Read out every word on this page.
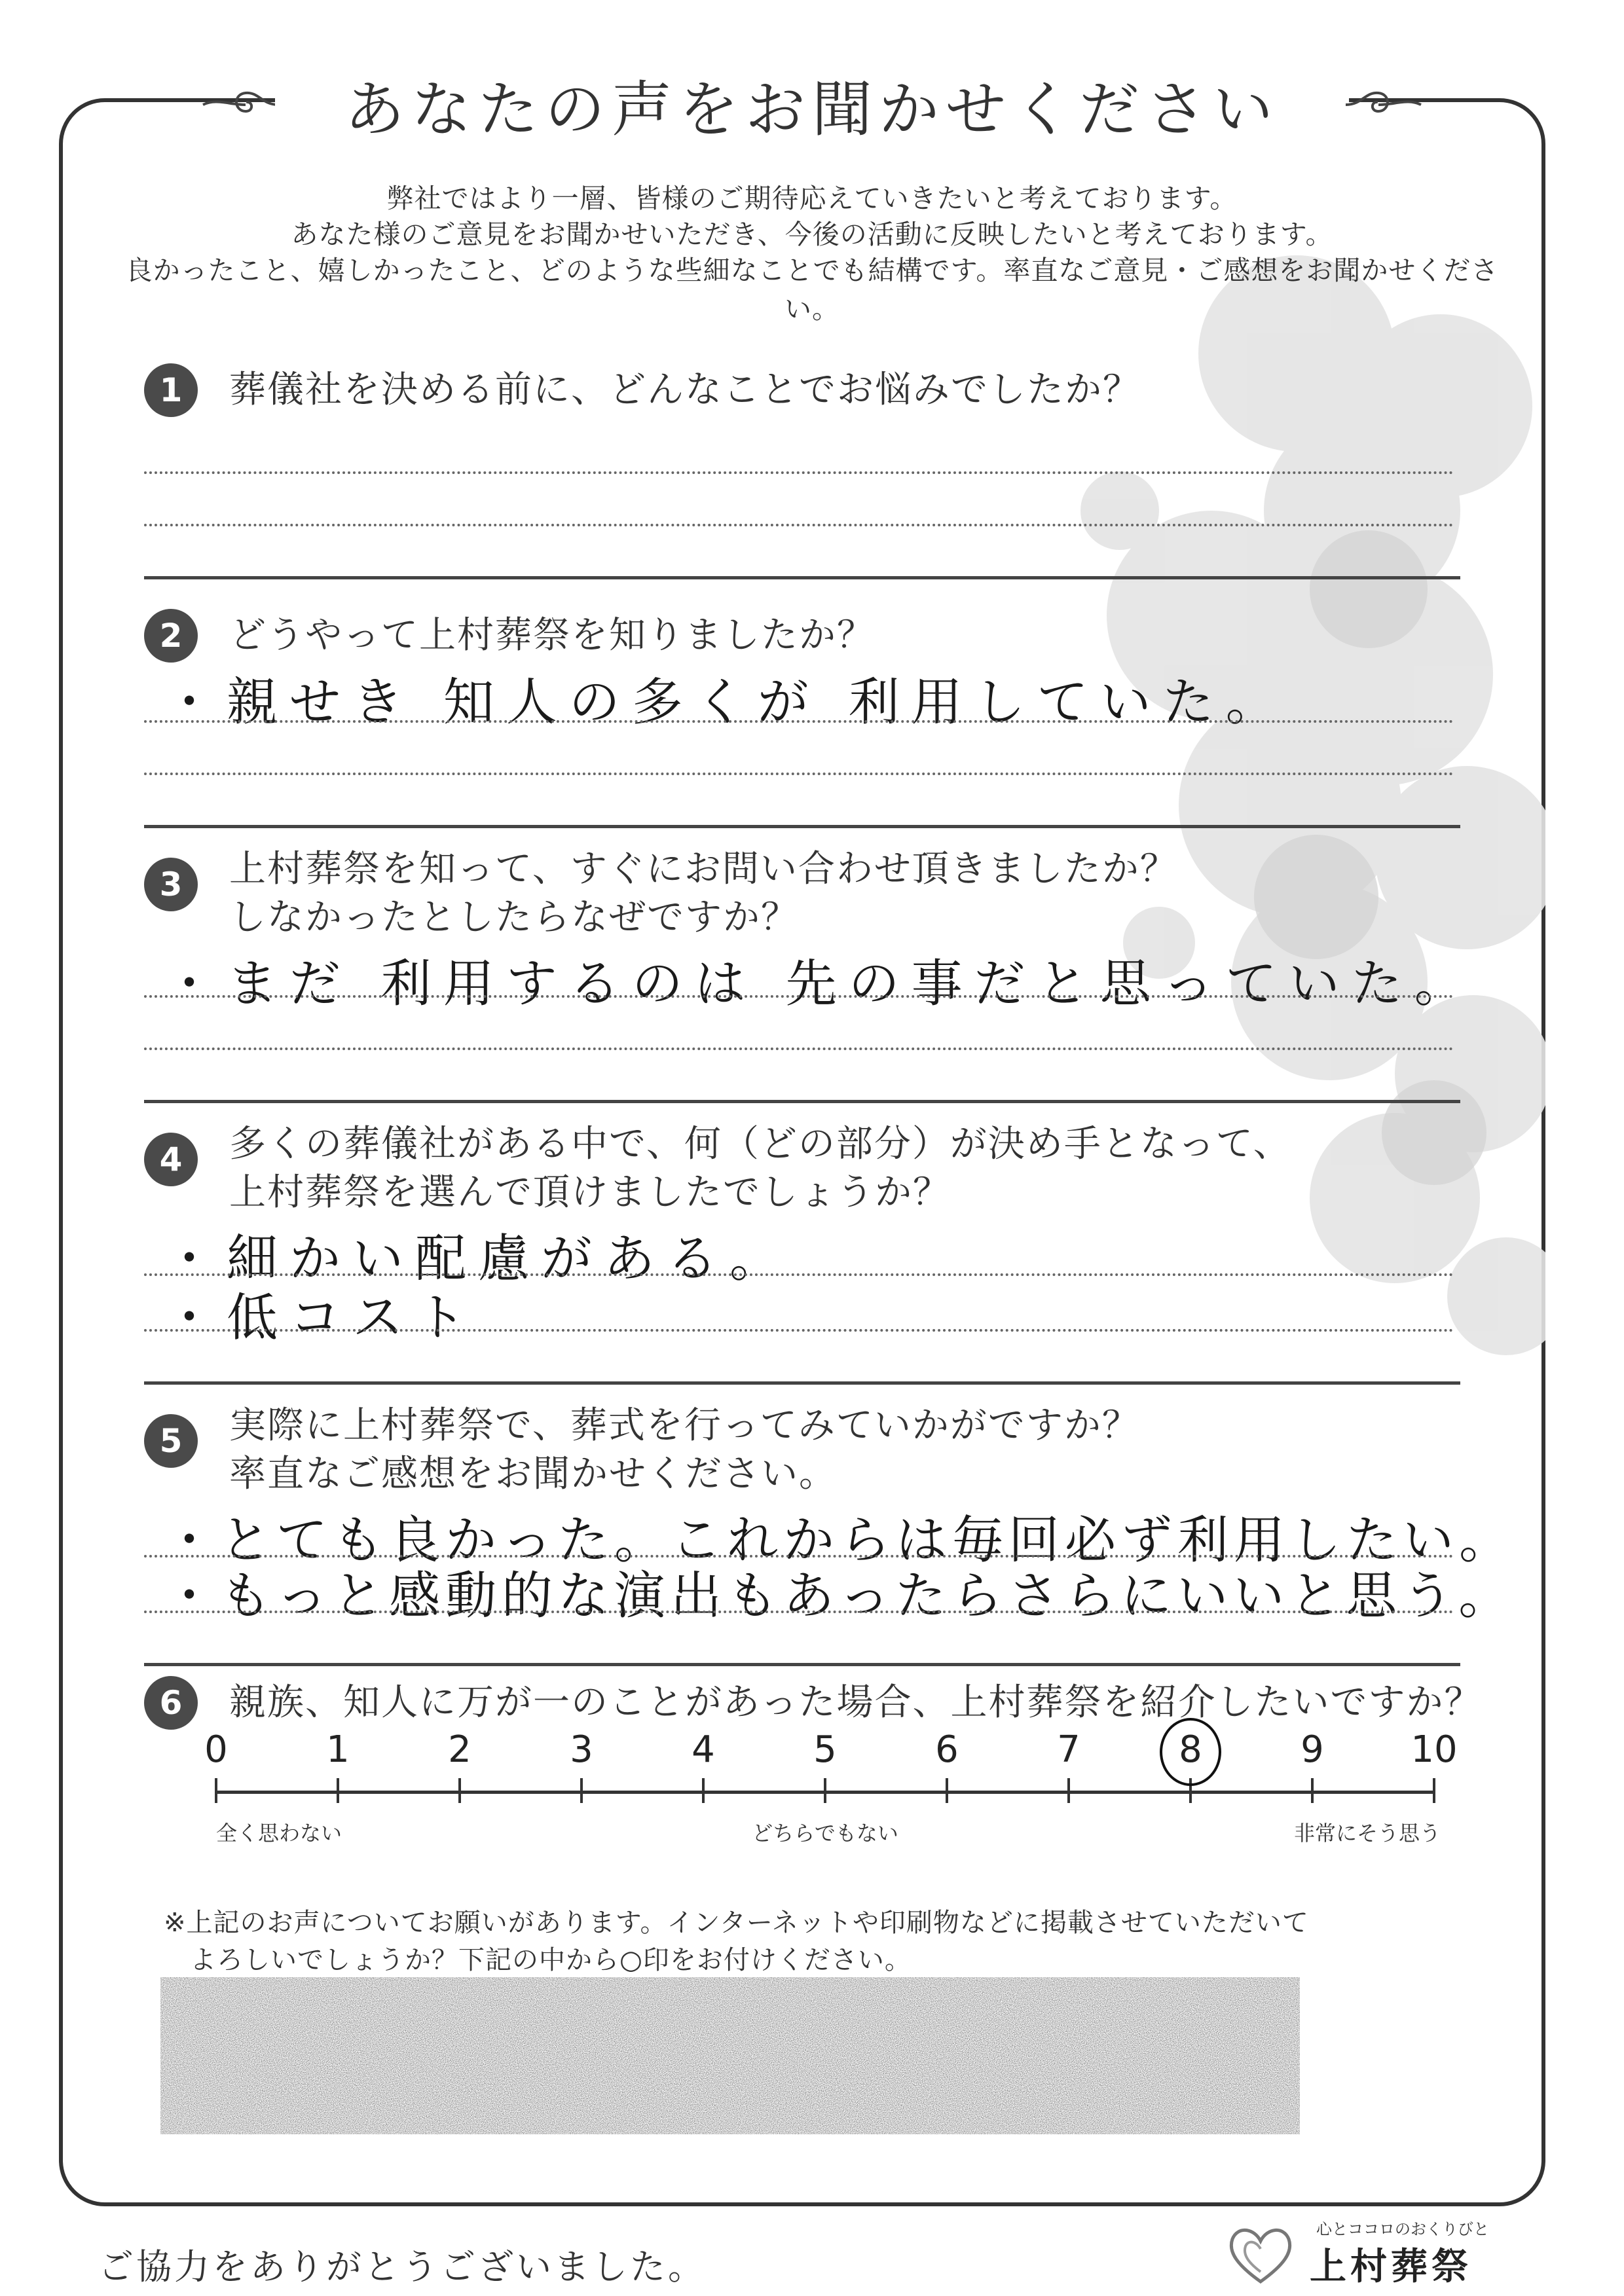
あなたの声をお聞かせください
弊社ではより一層、皆様のご期待応えていきたいと考えております。
あなた様のご意見をお聞かせいただき、今後の活動に反映したいと考えております。
良かったこと、嬉しかったこと、どのような些細なことでも結構です。率直なご意見・ご感想をお聞かせください。
1	葬儀社を決める前に、どんなことでお悩みでしたか？
2	どうやって上村葬祭を知りましたか？
・親せき 知人の多くが 利用していた。
3	上村葬祭を知って、すぐにお問い合わせ頂きましたか？
しなかったとしたらなぜですか？
・まだ 利用するのは 先の事だと思っていた。
4	多くの葬儀社がある中で、何（どの部分）が決め手となって、
上村葬祭を選んで頂けましたでしょうか？
・細かい配慮がある。
・低コスト
5	実際に上村葬祭で、葬式を行ってみていかがですか？
率直なご感想をお聞かせください。
・とても良かった。これからは毎回必ず利用したい。
・もっと感動的な演出もあったらさらにいいと思う。
6	親族、知人に万が一のことがあった場合、上村葬祭を紹介したいですか？
0	1	2	3	4	5	6	7	8	9	10
全く思わない	どちらでもない	非常にそう思う
※上記のお声についてお願いがあります。インターネットや印刷物などに掲載させていただいて
よろしいでしょうか？下記の中から○印をお付けください。
ご協力をありがとうございました。
心とココロのおくりびと
上村葬祭
